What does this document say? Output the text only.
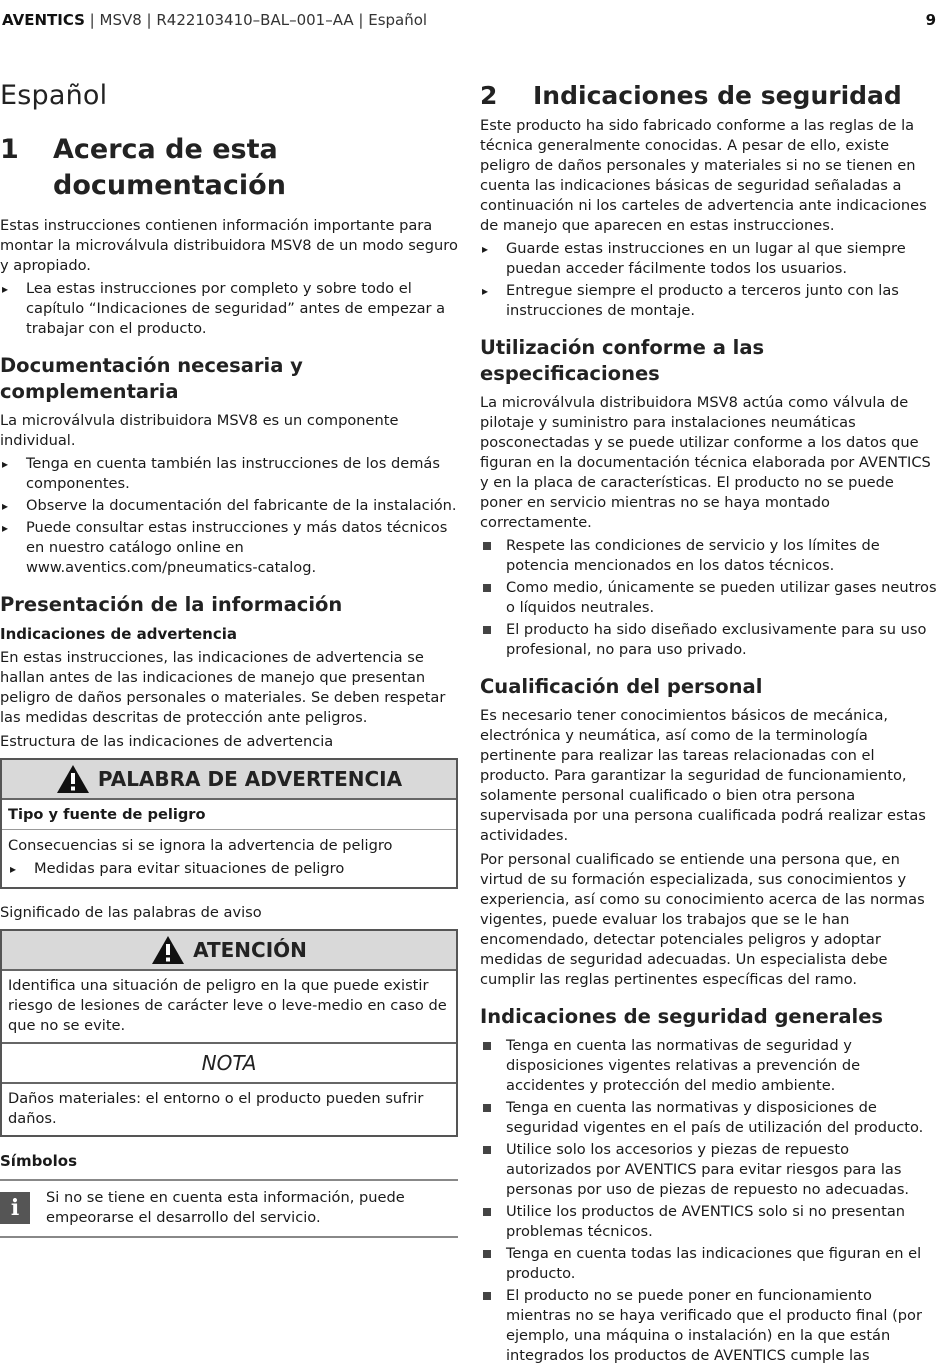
AVENTICS | MSV8 | R422103410–BAL–001–AA | Español	9
Español
1	Acerca de esta
documentación

Estas instrucciones contienen información importante para montar la microválvula distribuidora MSV8 de un modo seguro y apropiado.

▸ Lea estas instrucciones por completo y sobre todo el capítulo “Indicaciones de seguridad” antes de empezar a trabajar con el producto.
Documentación necesaria y complementaria

La microválvula distribuidora MSV8 es un componente individual.

▸ Tenga en cuenta también las instrucciones de los demás componentes.
▸ Observe la documentación del fabricante de la instalación.
▸ Puede consultar estas instrucciones y más datos técnicos en nuestro catálogo online en www.aventics.com/pneumatics-catalog.
Presentación de la información
Indicaciones de advertencia

En estas instrucciones, las indicaciones de advertencia se hallan antes de las indicaciones de manejo que presentan peligro de daños personales o materiales. Se deben respetar las medidas descritas de protección ante peligros.

Estructura de las indicaciones de advertencia

PALABRA DE ADVERTENCIA
Tipo y fuente de peligro

Consecuencias si se ignora la advertencia de peligro

▸ Medidas para evitar situaciones de peligro

Significado de las palabras de aviso

ATENCIÓN

Identifica una situación de peligro en la que puede existir riesgo de lesiones de carácter leve o leve-medio en caso de que no se evite.

NOTA

Daños materiales: el entorno o el producto pueden sufrir daños.

Símbolos
i	Si no se tiene en cuenta esta información, puede empeorarse el desarrollo del servicio.

2	Indicaciones de seguridad

Este producto ha sido fabricado conforme a las reglas de la técnica generalmente conocidas. A pesar de ello, existe peligro de daños personales y materiales si no se tienen en cuenta las indicaciones básicas de seguridad señaladas a continuación ni los carteles de advertencia ante indicaciones de manejo que aparecen en estas instrucciones.

▸ Guarde estas instrucciones en un lugar al que siempre puedan acceder fácilmente todos los usuarios.
▸ Entregue siempre el producto a terceros junto con las instrucciones de montaje.
Utilización conforme a las especificaciones

La microválvula distribuidora MSV8 actúa como válvula de pilotaje y suministro para instalaciones neumáticas posconectadas y se puede utilizar conforme a los datos que figuran en la documentación técnica elaborada por AVENTICS y en la placa de características. El producto no se puede poner en servicio mientras no se haya montado correctamente.

Respete las condiciones de servicio y los límites de potencia mencionados en los datos técnicos.
Como medio, únicamente se pueden utilizar gases neutros o líquidos neutrales.
El producto ha sido diseñado exclusivamente para su uso profesional, no para uso privado.
Cualificación del personal

Es necesario tener conocimientos básicos de mecánica, electrónica y neumática, así como de la terminología pertinente para realizar las tareas relacionadas con el producto. Para garantizar la seguridad de funcionamiento, solamente personal cualificado o bien otra persona supervisada por una persona cualificada podrá realizar estas actividades.

Por personal cualificado se entiende una persona que, en virtud de su formación especializada, sus conocimientos y experiencia, así como su conocimiento acerca de las normas vigentes, puede evaluar los trabajos que se le han encomendado, detectar potenciales peligros y adoptar medidas de seguridad adecuadas. Un especialista debe cumplir las reglas pertinentes específicas del ramo.

Indicaciones de seguridad generales
Tenga en cuenta las normativas de seguridad y disposiciones vigentes relativas a prevención de accidentes y protección del medio ambiente.
Tenga en cuenta las normativas y disposiciones de seguridad vigentes en el país de utilización del producto.
Utilice solo los accesorios y piezas de repuesto autorizados por AVENTICS para evitar riesgos para las personas por uso de piezas de repuesto no adecuadas.
Utilice los productos de AVENTICS solo si no presentan problemas técnicos.
Tenga en cuenta todas las indicaciones que figuran en el producto.
El producto no se puede poner en funcionamiento mientras no se haya verificado que el producto final (por ejemplo, una máquina o instalación) en la que están integrados los productos de AVENTICS cumple las
